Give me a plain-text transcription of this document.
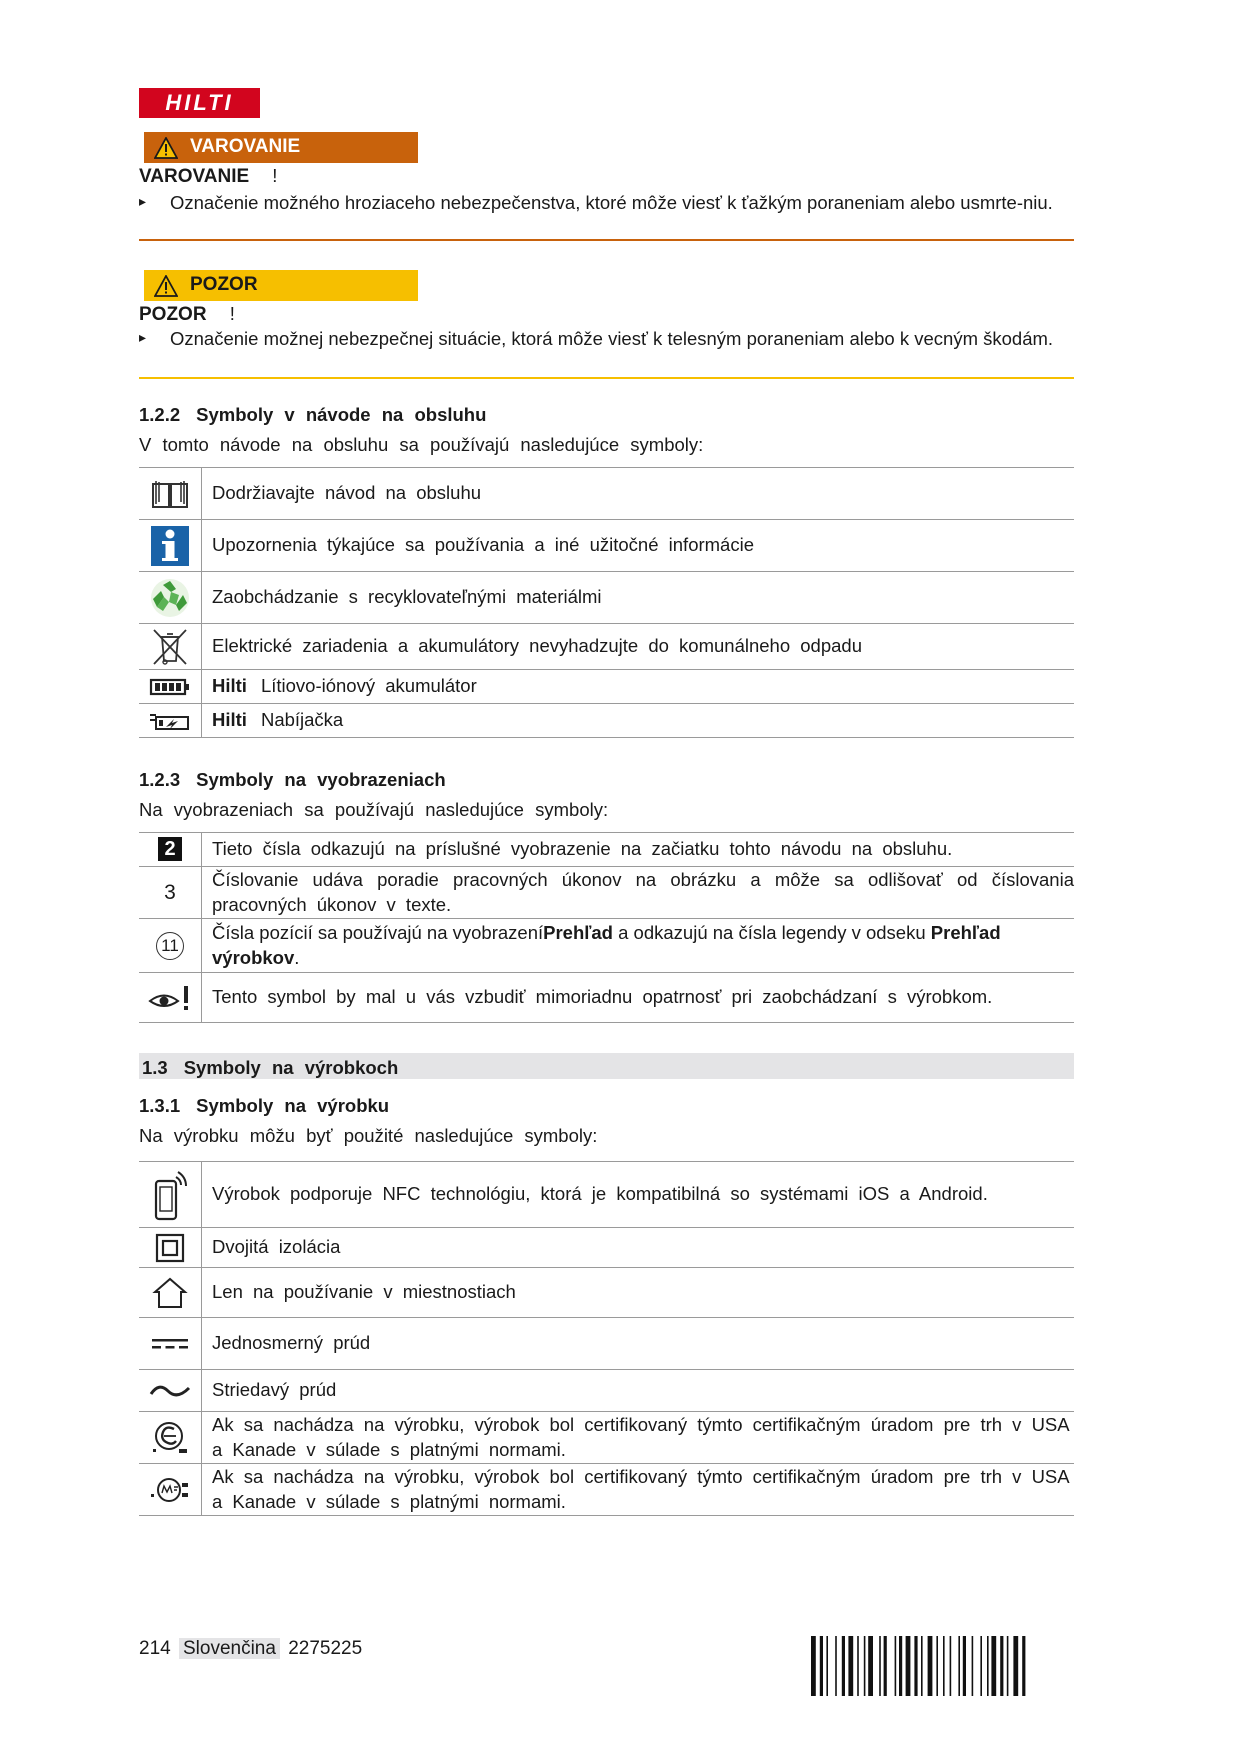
HILTI
VAROVANIE
VAROVANIE !
▸ Označenie možného hroziaceho nebezpečenstva, ktoré môže viesť k ťažkým poraneniam alebo usmrte-niu.
POZOR
POZOR !
▸ Označenie možnej nebezpečnej situácie, ktorá môže viesť k telesným poraneniam alebo k vecným škodám.
1.2.2 Symboly v návode na obsluhu
V tomto návode na obsluhu sa používajú nasledujúce symboly:
	Dodržiavajte návod na obsluhu

	Upozornenia týkajúce sa používania a iné užitočné informácie

	Zaobchádzanie s recyklovateľnými materiálmi

	Elektrické zariadenia a akumulátory nevyhadzujte do komunálneho odpadu

	Hilti Lítiovo-iónový akumulátor

	Hilti Nabíjačka
1.2.3 Symboly na vyobrazeniach
Na vyobrazeniach sa používajú nasledujúce symboly:
2	Tieto čísla odkazujú na príslušné vyobrazenie na začiatku tohto návodu na obsluhu.
3	Číslovanie udáva poradie pracovných úkonov na obrázku a môže sa odlišovať od číslovania pracovných úkonov v texte.
11	Čísla pozícií sa používajú na vyobrazeníPrehľad a odkazujú na čísla legendy v odseku Prehľad výrobkov.

	Tento symbol by mal u vás vzbudiť mimoriadnu opatrnosť pri zaobchádzaní s výrobkom.
1.3 Symboly na výrobkoch
1.3.1 Symboly na výrobku
Na výrobku môžu byť použité nasledujúce symboly:
	Výrobok podporuje NFC technológiu, ktorá je kompatibilná so systémami iOS a Android.

	Dvojitá izolácia

	Len na používanie v miestnostiach

	Jednosmerný prúd

	Striedavý prúd

	Ak sa nachádza na výrobku, výrobok bol certifikovaný týmto certifikačným úradom pre trh v USA a Kanade v súlade s platnými normami.

	Ak sa nachádza na výrobku, výrobok bol certifikovaný týmto certifikačným úradom pre trh v USA a Kanade v súlade s platnými normami.
214 Slovenčina 2275225
